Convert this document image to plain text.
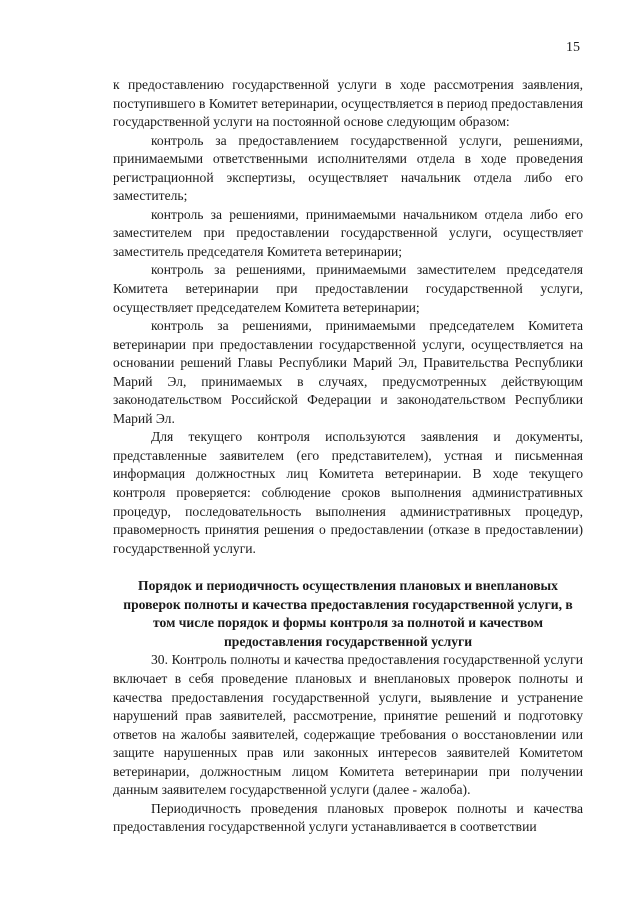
15

к предоставлению государственной услуги в ходе рассмотрения заявления, поступившего в Комитет ветеринарии, осуществляется в период предоставления государственной услуги на постоянной основе следующим образом:

контроль за предоставлением государственной услуги, решениями, принимаемыми ответственными исполнителями отдела в ходе проведения регистрационной экспертизы, осуществляет начальник отдела либо его заместитель;

контроль за решениями, принимаемыми начальником отдела либо его заместителем при предоставлении государственной услуги, осуществляет заместитель председателя Комитета ветеринарии;

контроль за решениями, принимаемыми заместителем председателя Комитета ветеринарии при предоставлении государственной услуги, осуществляет председателем Комитета ветеринарии;

контроль за решениями, принимаемыми председателем Комитета ветеринарии при предоставлении государственной услуги, осуществляется на основании решений Главы Республики Марий Эл, Правительства Республики Марий Эл, принимаемых в случаях, предусмотренных действующим законодательством Российской Федерации и законодательством Республики Марий Эл.

Для текущего контроля используются заявления и документы, представленные заявителем (его представителем), устная и письменная информация должностных лиц Комитета ветеринарии. В ходе текущего контроля проверяется: соблюдение сроков выполнения административных процедур, последовательность выполнения административных процедур, правомерность принятия решения о предоставлении (отказе в предоставлении) государственной услуги.

Порядок и периодичность осуществления плановых и внеплановых проверок полноты и качества предоставления государственной услуги, в том числе порядок и формы контроля за полнотой и качеством предоставления государственной услуги

30. Контроль полноты и качества предоставления государственной услуги включает в себя проведение плановых и внеплановых проверок полноты и качества предоставления государственной услуги, выявление и устранение нарушений прав заявителей, рассмотрение, принятие решений и подготовку ответов на жалобы заявителей, содержащие требования о восстановлении или защите нарушенных прав или законных интересов заявителей Комитетом ветеринарии, должностным лицом Комитета ветеринарии при получении данным заявителем государственной услуги (далее - жалоба).

Периодичность проведения плановых проверок полноты и качества предоставления государственной услуги устанавливается в соответствии
